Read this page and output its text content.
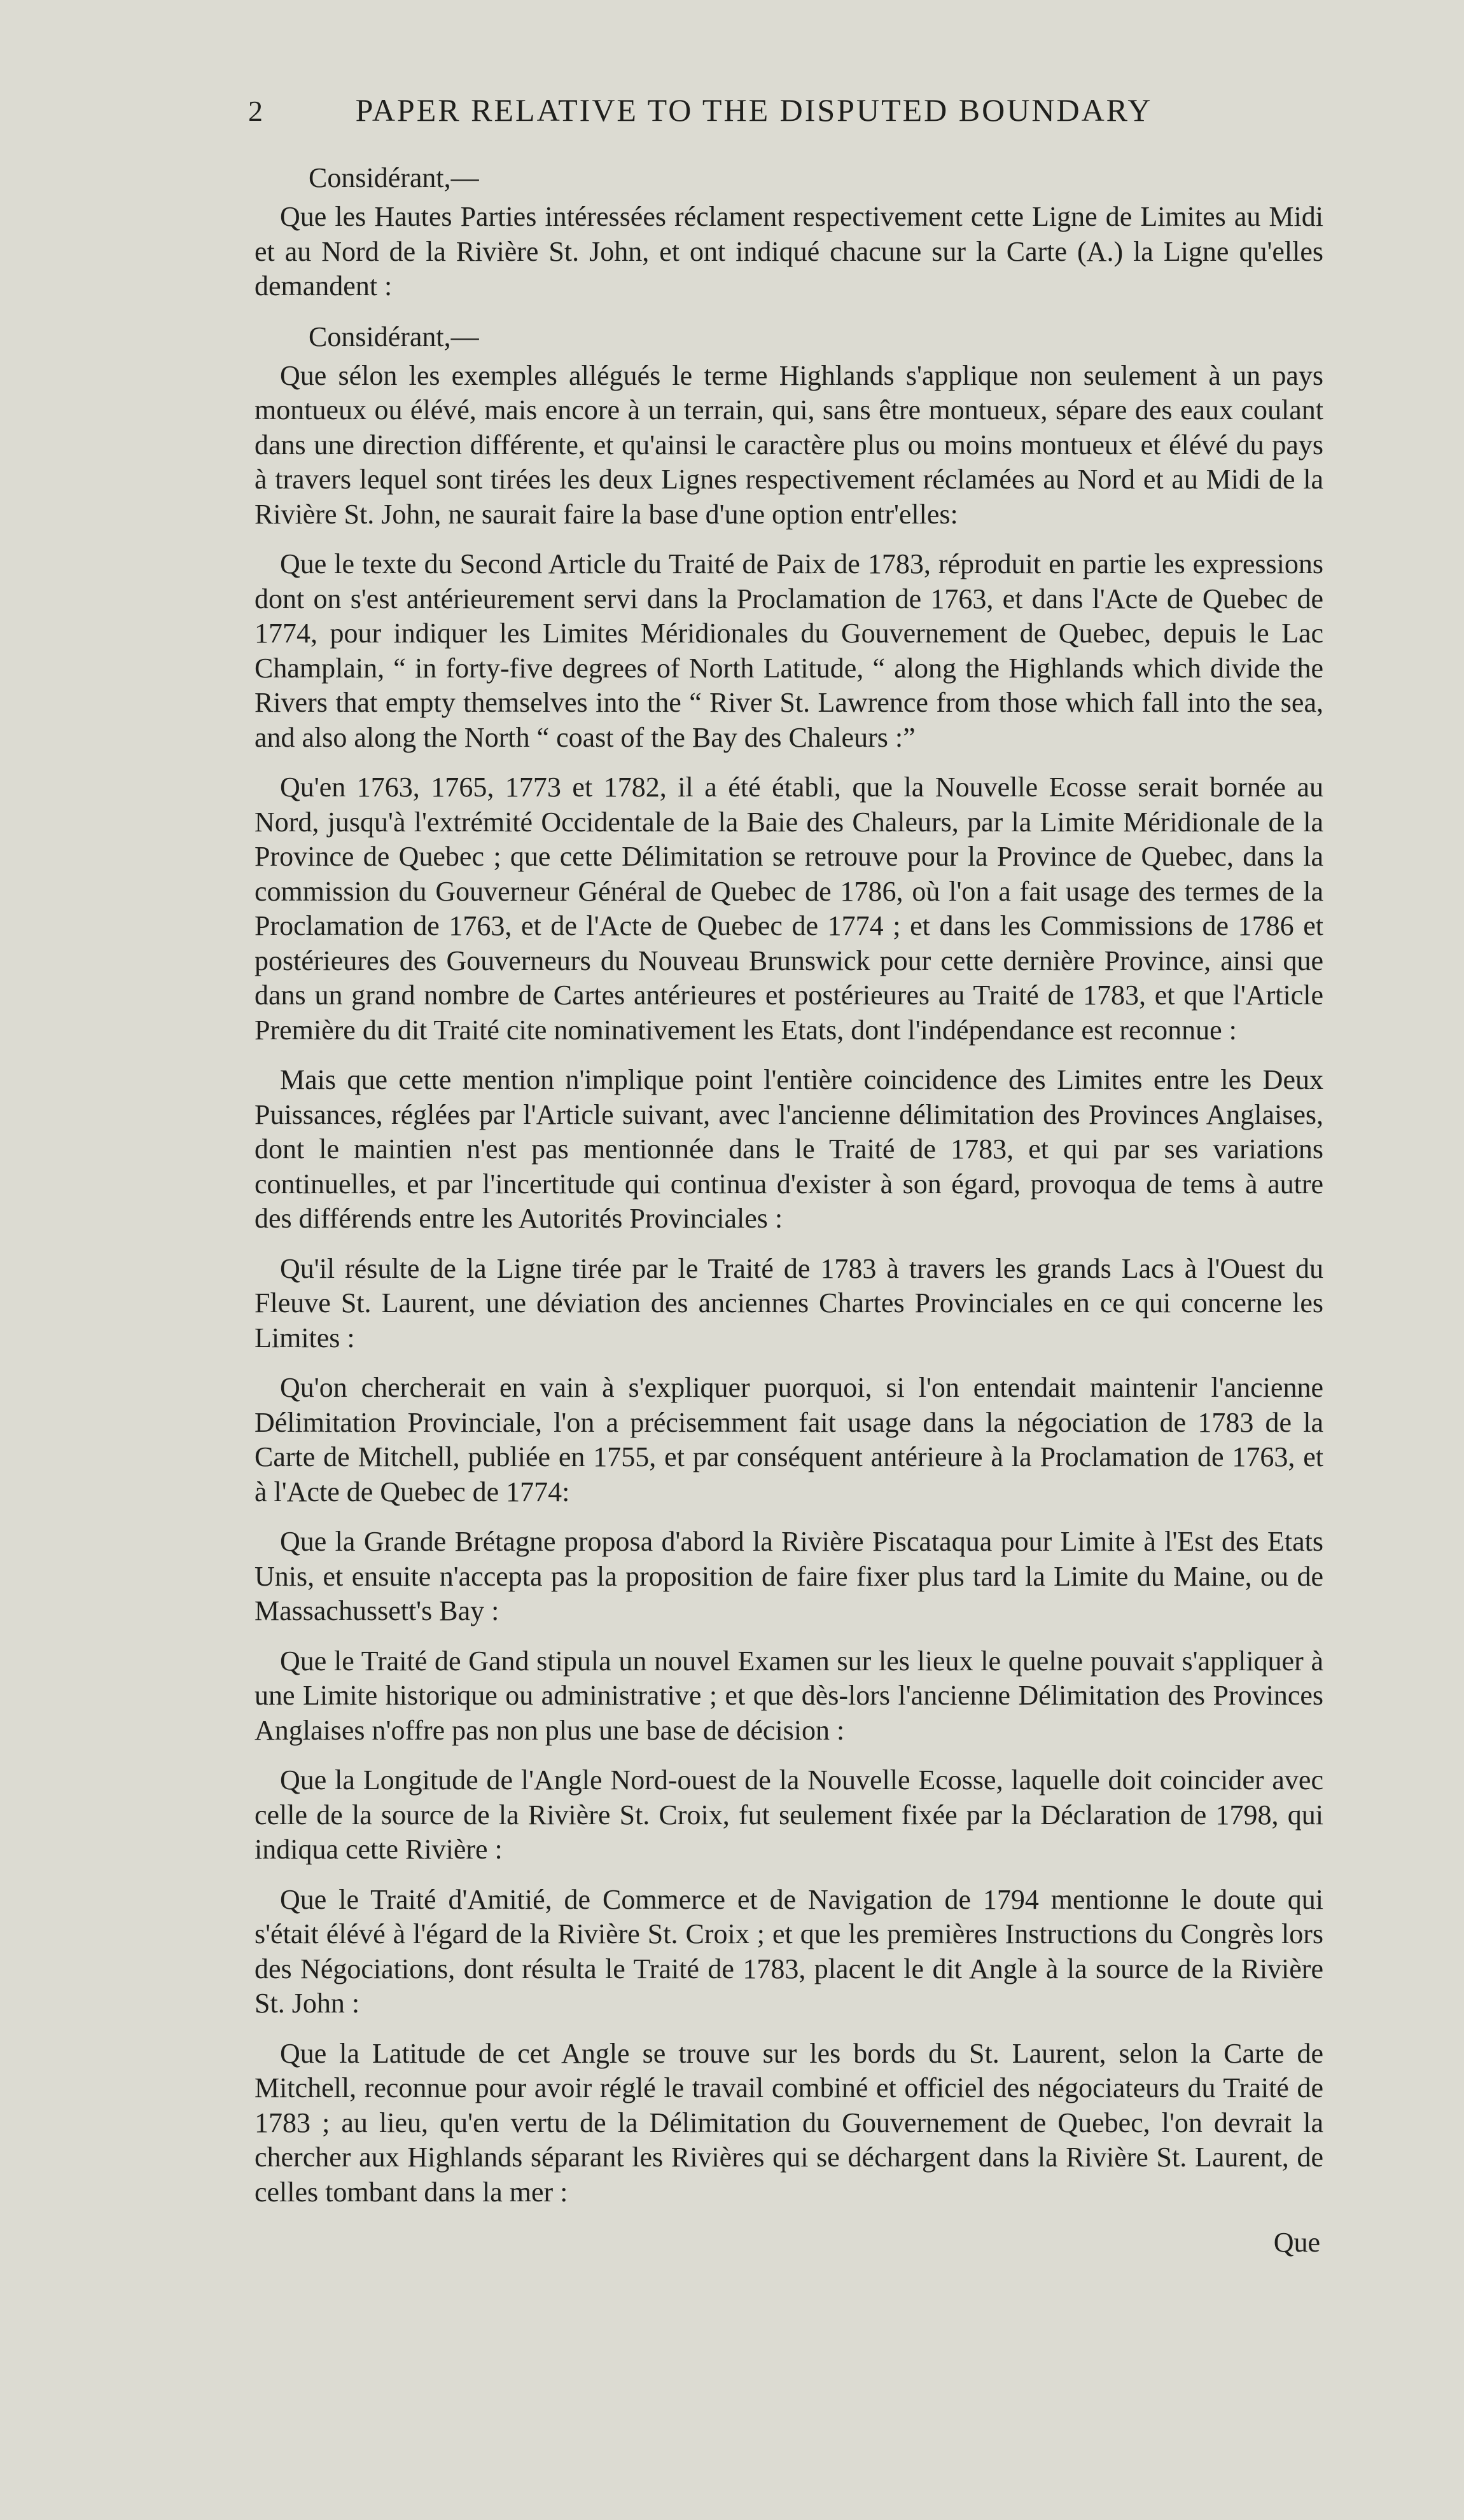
2	PAPER RELATIVE TO THE DISPUTED BOUNDARY
Considérant,—

Que les Hautes Parties intéressées réclament respectivement cette Ligne de Limites au Midi et au Nord de la Rivière St. John, et ont indiqué chacune sur la Carte (A.) la Ligne qu'elles demandent :

Considérant,—

Que sélon les exemples allégués le terme Highlands s'applique non seulement à un pays montueux ou élévé, mais encore à un terrain, qui, sans être montueux, sépare des eaux coulant dans une direction différente, et qu'ainsi le caractère plus ou moins montueux et élévé du pays à travers lequel sont tirées les deux Lignes respectivement réclamées au Nord et au Midi de la Rivière St. John, ne saurait faire la base d'une option entr'elles:

Que le texte du Second Article du Traité de Paix de 1783, réproduit en partie les expressions dont on s'est antérieurement servi dans la Proclamation de 1763, et dans l'Acte de Quebec de 1774, pour indiquer les Limites Méridionales du Gouvernement de Quebec, depuis le Lac Champlain, “ in forty-five degrees of North Latitude, “ along the Highlands which divide the Rivers that empty themselves into the “ River St. Lawrence from those which fall into the sea, and also along the North “ coast of the Bay des Chaleurs :”

Qu'en 1763, 1765, 1773 et 1782, il a été établi, que la Nouvelle Ecosse serait bornée au Nord, jusqu'à l'extrémité Occidentale de la Baie des Chaleurs, par la Limite Méridionale de la Province de Quebec ; que cette Délimitation se retrouve pour la Province de Quebec, dans la commission du Gouverneur Général de Quebec de 1786, où l'on a fait usage des termes de la Proclamation de 1763, et de l'Acte de Quebec de 1774 ; et dans les Commissions de 1786 et postérieures des Gouverneurs du Nouveau Brunswick pour cette dernière Province, ainsi que dans un grand nombre de Cartes antérieures et postérieures au Traité de 1783, et que l'Article Première du dit Traité cite nominativement les Etats, dont l'indépendance est reconnue :

Mais que cette mention n'implique point l'entière coincidence des Limites entre les Deux Puissances, réglées par l'Article suivant, avec l'ancienne délimitation des Provinces Anglaises, dont le maintien n'est pas mentionnée dans le Traité de 1783, et qui par ses variations continuelles, et par l'incertitude qui continua d'exister à son égard, provoqua de tems à autre des différends entre les Autorités Provinciales :

Qu'il résulte de la Ligne tirée par le Traité de 1783 à travers les grands Lacs à l'Ouest du Fleuve St. Laurent, une déviation des anciennes Chartes Provinciales en ce qui concerne les Limites :

Qu'on chercherait en vain à s'expliquer puorquoi, si l'on entendait maintenir l'ancienne Délimitation Provinciale, l'on a précisemment fait usage dans la négociation de 1783 de la Carte de Mitchell, publiée en 1755, et par conséquent antérieure à la Proclamation de 1763, et à l'Acte de Quebec de 1774:

Que la Grande Brétagne proposa d'abord la Rivière Piscataqua pour Limite à l'Est des Etats Unis, et ensuite n'accepta pas la proposition de faire fixer plus tard la Limite du Maine, ou de Massachussett's Bay :

Que le Traité de Gand stipula un nouvel Examen sur les lieux le quelne pouvait s'appliquer à une Limite historique ou administrative ; et que dès-lors l'ancienne Délimitation des Provinces Anglaises n'offre pas non plus une base de décision :

Que la Longitude de l'Angle Nord-ouest de la Nouvelle Ecosse, laquelle doit coincider avec celle de la source de la Rivière St. Croix, fut seulement fixée par la Déclaration de 1798, qui indiqua cette Rivière :

Que le Traité d'Amitié, de Commerce et de Navigation de 1794 mentionne le doute qui s'était élévé à l'égard de la Rivière St. Croix ; et que les premières Instructions du Congrès lors des Négociations, dont résulta le Traité de 1783, placent le dit Angle à la source de la Rivière St. John :

Que la Latitude de cet Angle se trouve sur les bords du St. Laurent, selon la Carte de Mitchell, reconnue pour avoir réglé le travail combiné et officiel des négociateurs du Traité de 1783 ; au lieu, qu'en vertu de la Délimitation du Gouvernement de Quebec, l'on devrait la chercher aux Highlands séparant les Rivières qui se déchargent dans la Rivière St. Laurent, de celles tombant dans la mer :

Que
